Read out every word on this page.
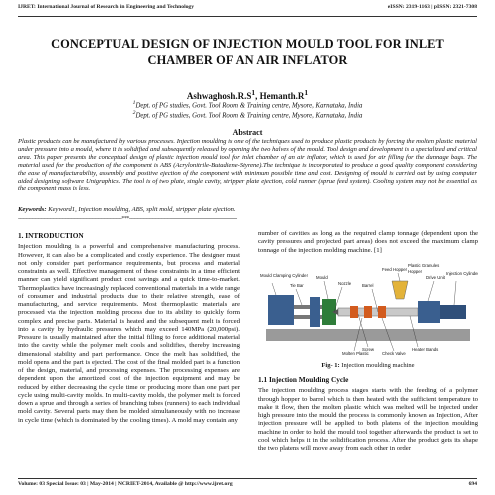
IJRET: International Journal of Research in Engineering and Technology	eISSN: 2319-1163 | pISSN: 2321-7308
CONCEPTUAL DESIGN OF INJECTION MOULD TOOL FOR INLET
CHAMBER OF AN AIR INFLATOR
$Ashwaghosh.R.S^1$, $Hemanth.R^1$
$^1$Dept. of PG studies, Govt. Tool Room & Training centre, Mysore, Karnataka, India
$^2$Dept. of PG studies, Govt. Tool Room & Training centre, Mysore, Karnataka, India
Abstract
Plastic products can be manufactured by various processes. Injection moulding is one of the techniques used to produce plastic products by forcing the molten plastic material under pressure into a mould, where it is solidified and subsequently released by opening the two halves of the mould. Tool design and development is a specialized and critical area. This paper presents the conceptual design of plastic injection mould tool for inlet chamber of an air inflator, which is used for air filling for the dunnage bags. The material used for the production of the component is ABS (Acrylonitrile-Butadiene-Styrene).The technique is incorporated to produce a good quality component considering the ease of manufacturability, assembly and positive ejection of the component with minimum possible time and cost. Designing of mould is carried out by using computer aided designing software Unigraphics. The tool is of two plate, single cavity, stripper plate ejection, cold runner (sprue feed system). Cooling system may not be essential as the component mass is less.
Keywords: Keyword1, Injection moulding, ABS, split mold, stripper plate ejection.
---------------------------------------------------------------------***------------------------------------------------------------------------
1. INTRODUCTION

Injection moulding is a powerful and comprehensive manufacturing process. However, it can also be a complicated and costly experience. The designer must not only consider part performance requirements, but process and material constraints as well. Effective management of these constraints in a time efficient manner can yield significant product cost savings and a quick time-to-market. Thermoplastics have increasingly replaced conventional materials in a wide range of consumer and industrial products due to their relative strength, ease of manufacturing, and service requirements. Most thermoplastic materials are processed via the injection molding process due to its ability to quickly form complex and precise parts. Material is heated and the subsequent melt is forced into a cavity by hydraulic pressures which may exceed 140MPa (20,000psi). Pressure is usually maintained after the initial filling to force additional material into the cavity while the polymer melt cools and solidifies, thereby increasing dimensional stability and part performance. Once the melt has solidified, the mold opens and the part is ejected. The cost of the final molded part is a function of the design, material, and processing expenses. The processing expenses are dependent upon the amortized cost of the injection equipment and may be reduced by either decreasing the cycle time or producing more than one part per cycle using multi-cavity molds. In multi-cavity molds, the polymer melt is forced down a sprue and through a series of branching tubes (runners) to each individual mold cavity. Several parts may then be molded simultaneously with no increase in cycle time (which is dominated by the cooling times). A mold may contain any

number of cavities as long as the required clamp tonnage (dependent upon the cavity pressures and projected part areas) does not exceed the maximum clamp tonnage of the injection molding machine. [1]

Mould Clamping Cylinder
Tie Bar
Mould
Nozzle	Barrel
Feed Hopper
Plastic Granules
Drive Unit
Injection Cylinder
Hopper
Molten Plastic
Screw
Check Valve
Heater Bands
Fig- 1: Injection moulding machine
1.1 Injection Moulding Cycle

The injection moulding process stages starts with the feeding of a polymer through hopper to barrel which is then heated with the sufficient temperature to make it flow, then the molten plastic which was melted will be injected under high pressure into the mould the process is commonly known as Injection, After injection pressure will be applied to both platens of the injection moulding machine in order to hold the mould tool together afterwards the product is set to cool which helps it in the solidification process. After the product gets its shape the two platens will move away from each other in order

Volume: 03 Special Issue: 03 | May-2014 | NCRIET-2014, Available @ http://www.ijret.org	694
